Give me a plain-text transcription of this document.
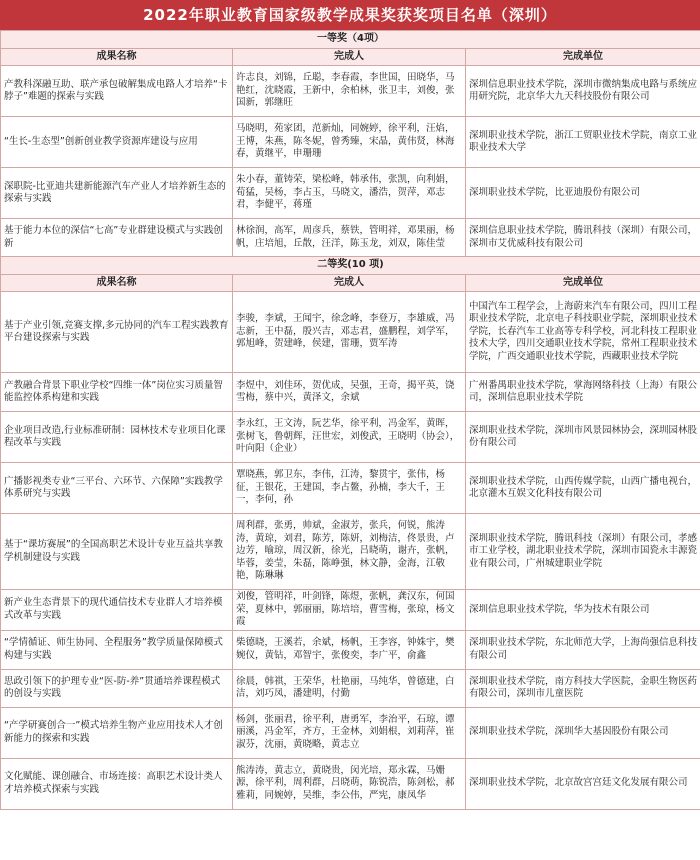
2022年职业教育国家级教学成果奖获奖项目名单（深圳）
一等奖（4项）		
成果名称	完成人	完成单位
产教科深融互助、联产承包破解集成电路人才培养“卡脖子”难题的探索与实践	许志良，刘锦，丘聪，李春霞，李世国，田晓华，马艳红，沈晓霞，王新中，余柏林，张卫丰，刘俊，张国新，郭继旺	深圳信息职业技术学院，深圳市微纳集成电路与系统应用研究院，北京华大九天科技股份有限公司
“生长-生态型”创新创业教学资源库建设与应用	马晓明，苑家团，范新灿，同婉婷，徐平利，汪焰，王博，朱燕，陈冬妮，曾秀臻，宋晶，黄伟贤，林海春，黄继平，申珊珊	深圳职业技术学院，浙江工贸职业技术学院，南京工业职业技术大学
深职院-比亚迪共建新能源汽车产业人才培养新生态的探索与实践	朱小春，董铸荣，梁松峰，韩承伟，张凯，向利娟，荀猛，吴杨，李占玉，马晓文，潘浩，贺萍，邓志君，李健平，蒋瑾	深圳职业技术学院，比亚迪股份有限公司
基于能力本位的深信“七高”专业群建设模式与实践创新	林徐润，高军，周彦兵，蔡铁，管明祥，邓果丽，杨帆，庄培旭，丘散，汪洋，陈玉龙，刘双，陈佳莹	深圳信息职业技术学院，腾讯科技（深圳）有限公司，深圳市艾优威科技有限公司
二等奖(10 项)		
成果名称	完成人	完成单位
基于产业引领,竞赛支撑,多元协同的汽车工程实践教育平台建设探索与实践	李骏，李斌，王闻宇，徐念峰，李登万，李雄威，冯志新，王中磊，殷兴吉，邓志君，盛鹏程，刘学军，郭旭峰，贺建峰，侯建，雷珊，贾军涛	中国汽车工程学会，上海蔚来汽车有限公司，四川工程职业技术学院，北京电子科技职业学院，深圳职业技术学院，长春汽车工业高等专科学校，河北科技工程职业技术大学，四川交通职业技术学院，常州工程职业技术学院，广西交通职业技术学院，西藏职业技术学院
产教融合背景下职业学校“四维一体”岗位实习质量智能监控体系构建和实践	李煜中，刘佳环，贺优成，吴强，王奇，揭平英，饶雪梅，蔡中兴，黄泽文，余斌	广州番禺职业技术学院，掌海网络科技（上海）有限公司，深圳信息职业技术学院
企业项目改造,行业标准研制：园林技术专业项目化课程改革与实践	李永红，王文涛，阮艺华，徐平利，冯金军，黄晖，张树飞，鲁朝辉，汪世宏，刘俊武，王晓明（协会），叶向阳（企业）	深圳职业技术学院，深圳市风景园林协会，深圳园林股份有限公司
广播影视类专业“三平台、六环节、六保障”实践教学体系研究与实践	覃晓燕，郭卫东，李伟，江涛，黎贯宇，张伟，杨征，王银花，王建国，李占鳌，孙楠，李大千，王一，李何，孙	深圳职业技术学院，山西传媒学院，山西广播电视台，北京灌木互娱文化科技有限公司
基于“课坊赛展”的全国高职艺术设计专业互益共享教学机制建设与实践	周利群，张勇，帅斌，金淑芳，张兵，何锐，熊涛涛，黄琼，刘君，陈芳，陈妍，刘梅洁，佟景贵，卢边芳，喻琼，周汉新，徐光，吕晓萌，谢卉，张帆，毕蓉，姜莹，朱磊，陈峥强，林文静，金海，江敬艳，陈琳琳	深圳职业技术学院，腾讯科技（深圳）有限公司，孝感市工业学校，湖北职业技术学院，深圳市国瓷永丰源瓷业有限公司，广州城建职业学院
新产业生态背景下的现代通信技术专业群人才培养模式改革与实践	刘俊，管明祥，叶剑锋，陈煜，张帆，龚汉东，何国荣，夏林中，郭丽丽，陈培培，曹雪梅，张琼，杨文霞	深圳信息职业技术学院，华为技术有限公司
“学情循证、师生协同、全程服务”教学质量保障模式构建与实践	柴德晓，王溪若，余斌，杨帆，王李容，钟姝宇，樊婉仪，黄钻，邓智宇，张俊奕，李广平，俞鑫	深圳职业技术学院，东北师范大学，上海尚强信息科技有限公司
思政引领下的护理专业“医-防-养”贯通培养课程模式的创设与实践	徐晨，韩祺，王荣华，杜艳丽，马纯华，曾德建，白洁，刘巧凤，潘建明，付勤	深圳职业技术学院，南方科技大学医院，金职生物医药有限公司，深圳市儿童医院
“产学研赛创合一”模式培养生物产业应用技术人才创新能力的探索和实践	杨剑，张丽君，徐平利，唐勇军，李治平，石琼，谭丽溪，冯金军，齐方，王金林，刘娟根，刘莉萍，崔淑芬，沈丽，黄晓略，黄志立	深圳职业技术学院，深圳华大基因股份有限公司
文化赋能、课创融合、市场连接：高职艺术设计类人才培养模式探索与实践	熊涛涛，黄志立，黄晓贵，闵光培，郑永霖，马姗源，徐平利，周利群，吕晓萌，陈锐浩，陈剑松，郝雅莉，同婉婷，吴维，李公伟，严宪，康凤华	深圳职业技术学院，北京故宫宫廷文化发展有限公司
